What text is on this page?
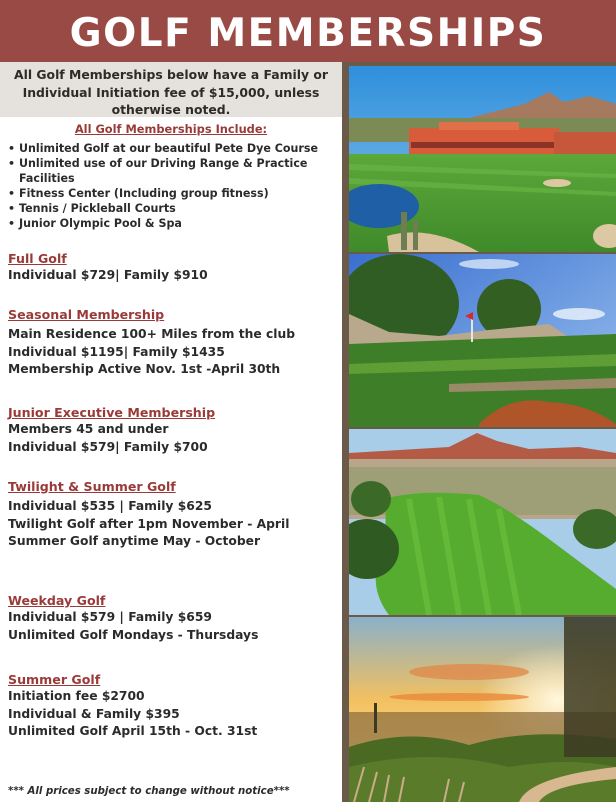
GOLF MEMBERSHIPS
All Golf Memberships below have a Family or Individual Initiation fee of $15,000, unless otherwise noted.
All Golf Memberships Include:
• Unlimited Golf at our beautiful Pete Dye Course
• Unlimited use of our Driving Range & Practice Facilities
• Fitness Center (Including group fitness)
• Tennis / Pickleball Courts
• Junior Olympic Pool & Spa
Full Golf
Individual $729| Family $910
Seasonal Membership
Main Residence 100+ Miles from the club
Individual $1195| Family $1435
Membership Active Nov. 1st -April 30th
Junior Executive Membership
Members 45 and under
Individual $579| Family $700
Twilight & Summer Golf
Individual $535 | Family $625
Twilight Golf after 1pm November - April
Summer Golf anytime May - October
Weekday Golf
Individual $579 | Family $659
Unlimited Golf Mondays - Thursdays
Summer Golf
Initiation fee $2700
Individual & Family $395
Unlimited Golf April 15th - Oct. 31st
*** All prices subject to change without notice***
